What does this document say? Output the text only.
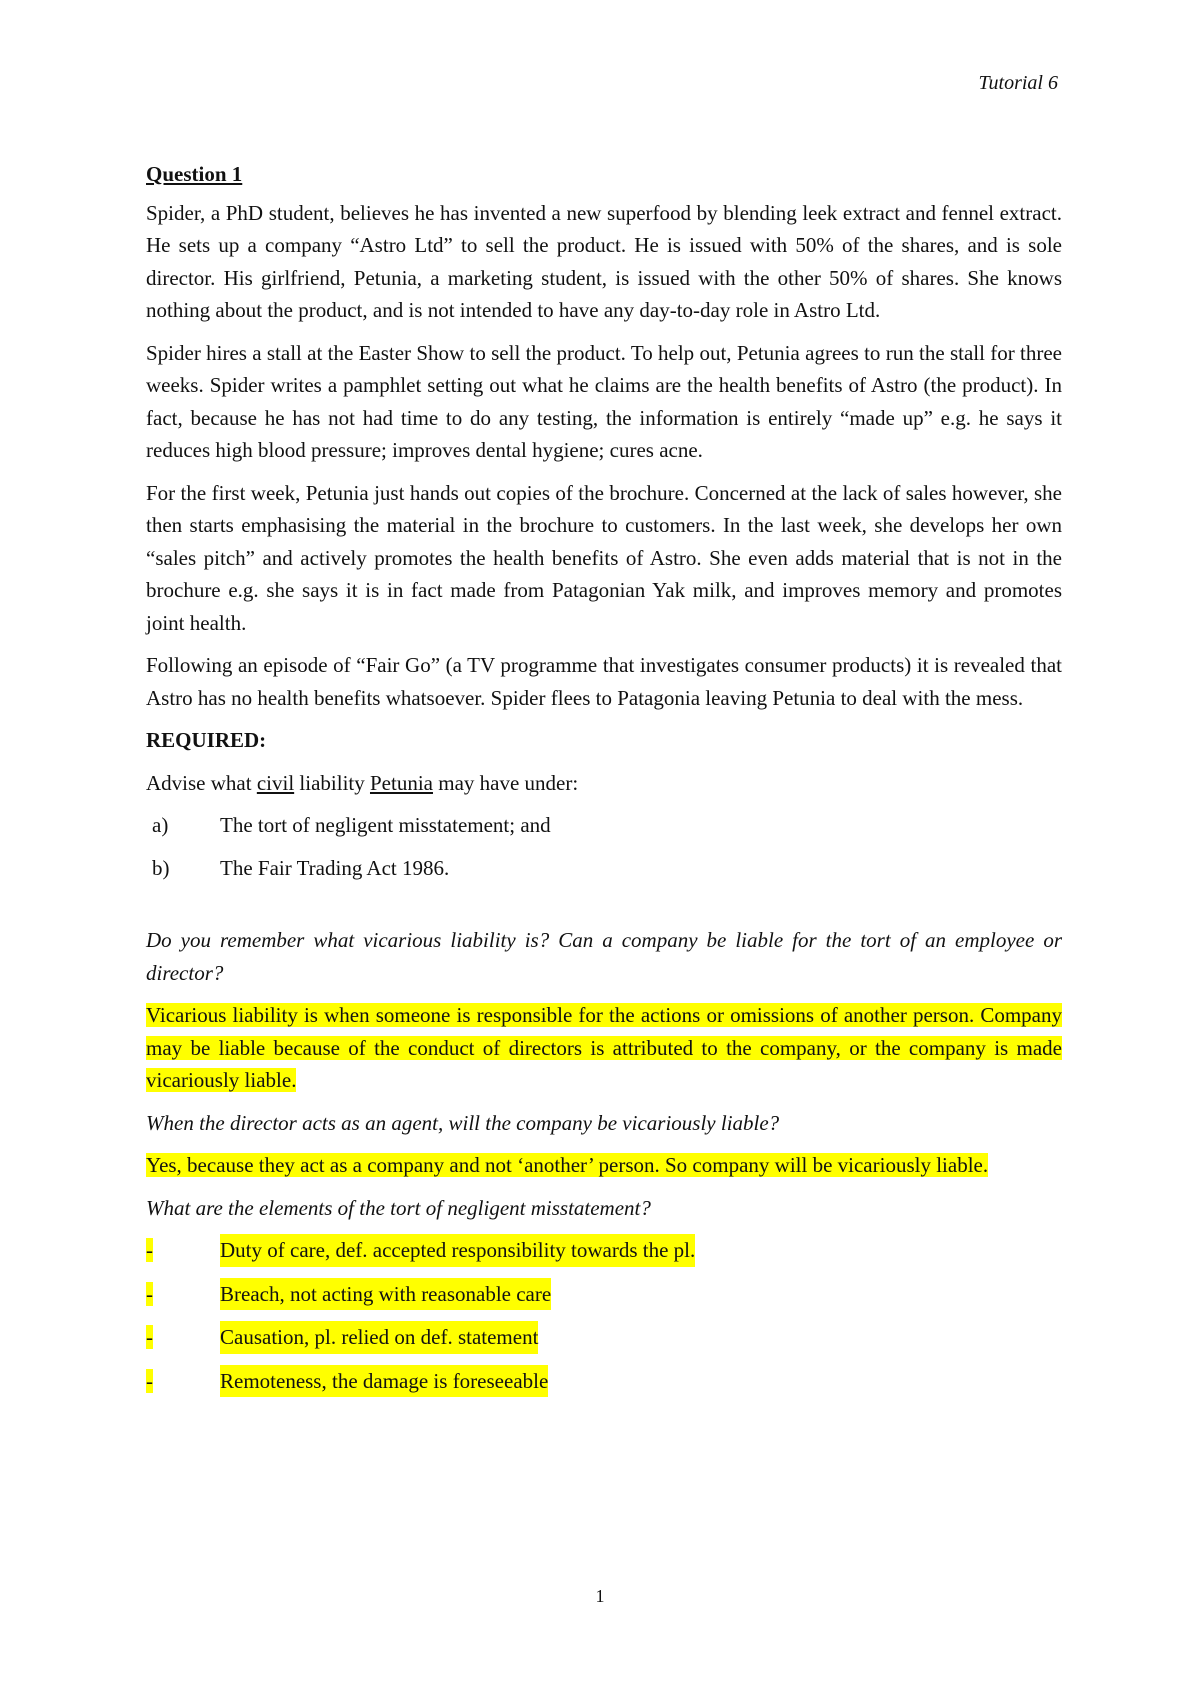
Tutorial 6
Question 1

Spider, a PhD student, believes he has invented a new superfood by blending leek extract and fennel extract. He sets up a company “Astro Ltd” to sell the product. He is issued with 50% of the shares, and is sole director. His girlfriend, Petunia, a marketing student, is issued with the other 50% of shares. She knows nothing about the product, and is not intended to have any day-to-day role in Astro Ltd.

Spider hires a stall at the Easter Show to sell the product. To help out, Petunia agrees to run the stall for three weeks. Spider writes a pamphlet setting out what he claims are the health benefits of Astro (the product). In fact, because he has not had time to do any testing, the information is entirely “made up” e.g. he says it reduces high blood pressure; improves dental hygiene; cures acne.

For the first week, Petunia just hands out copies of the brochure. Concerned at the lack of sales however, she then starts emphasising the material in the brochure to customers. In the last week, she develops her own “sales pitch” and actively promotes the health benefits of Astro. She even adds material that is not in the brochure e.g. she says it is in fact made from Patagonian Yak milk, and improves memory and promotes joint health.

Following an episode of “Fair Go” (a TV programme that investigates consumer products) it is revealed that Astro has no health benefits whatsoever. Spider flees to Patagonia leaving Petunia to deal with the mess.

REQUIRED:

Advise what civil liability Petunia may have under:

a)	The tort of negligent misstatement; and
b)	The Fair Trading Act 1986.

Do you remember what vicarious liability is? Can a company be liable for the tort of an employee or director?

Vicarious liability is when someone is responsible for the actions or omissions of another person. Company may be liable because of the conduct of directors is attributed to the company, or the company is made vicariously liable.

When the director acts as an agent, will the company be vicariously liable?

Yes, because they act as a company and not ‘another’ person. So company will be vicariously liable.

What are the elements of the tort of negligent misstatement?

-	Duty of care, def. accepted responsibility towards the pl.
-	Breach, not acting with reasonable care
-	Causation, pl. relied on def. statement
-	Remoteness, the damage is foreseeable
1
